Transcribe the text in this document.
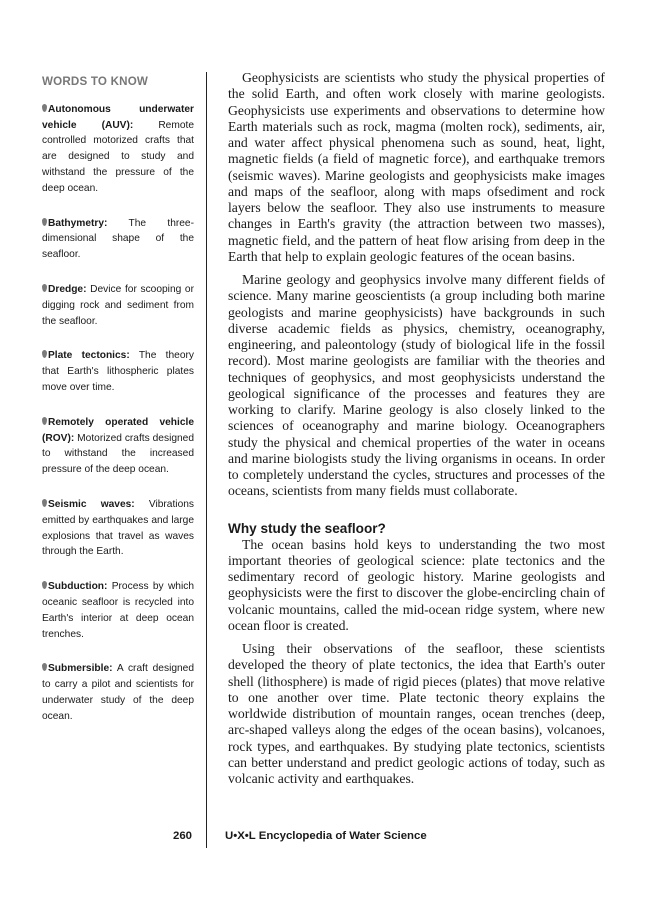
WORDS TO KNOW
Autonomous underwater vehicle (AUV): Remote controlled motorized crafts that are designed to study and withstand the pressure of the deep ocean.
Bathymetry: The three-dimensional shape of the seafloor.
Dredge: Device for scooping or digging rock and sediment from the seafloor.
Plate tectonics: The theory that Earth's lithospheric plates move over time.
Remotely operated vehicle (ROV): Motorized crafts designed to withstand the increased pressure of the deep ocean.
Seismic waves: Vibrations emitted by earthquakes and large explosions that travel as waves through the Earth.
Subduction: Process by which oceanic seafloor is recycled into Earth's interior at deep ocean trenches.
Submersible: A craft designed to carry a pilot and scientists for underwater study of the deep ocean.

Geophysicists are scientists who study the physical properties of the solid Earth, and often work closely with marine geologists. Geophysicists use experiments and observations to determine how Earth materials such as rock, magma (molten rock), sediments, air, and water affect physical phenomena such as sound, heat, light, magnetic fields (a field of magnetic force), and earthquake tremors (seismic waves). Marine geologists and geophysicists make images and maps of the seafloor, along with maps ofsediment and rock layers below the seafloor. They also use instruments to measure changes in Earth's gravity (the attraction between two masses), magnetic field, and the pattern of heat flow arising from deep in the Earth that help to explain geologic features of the ocean basins.

Marine geology and geophysics involve many different fields of science. Many marine geoscientists (a group including both marine geologists and marine geophysicists) have backgrounds in such diverse academic fields as physics, chemistry, oceanography, engineering, and paleontology (study of biological life in the fossil record). Most marine geologists are familiar with the theories and techniques of geophysics, and most geophysicists understand the geological significance of the processes and features they are working to clarify. Marine geology is also closely linked to the sciences of oceanography and marine biology. Oceanographers study the physical and chemical properties of the water in oceans and marine biologists study the living organisms in oceans. In order to completely understand the cycles, structures and processes of the oceans, scientists from many fields must collaborate.

Why study the seafloor?

The ocean basins hold keys to understanding the two most important theories of geological science: plate tectonics and the sedimentary record of geologic history. Marine geologists and geophysicists were the first to discover the globe-encircling chain of volcanic mountains, called the mid-ocean ridge system, where new ocean floor is created.

Using their observations of the seafloor, these scientists developed the theory of plate tectonics, the idea that Earth's outer shell (lithosphere) is made of rigid pieces (plates) that move relative to one another over time. Plate tectonic theory explains the worldwide distribution of mountain ranges, ocean trenches (deep, arc-shaped valleys along the edges of the ocean basins), volcanoes, rock types, and earthquakes. By studying plate tectonics, scientists can better understand and predict geologic actions of today, such as volcanic activity and earthquakes.

260	U•X•L Encyclopedia of Water Science
